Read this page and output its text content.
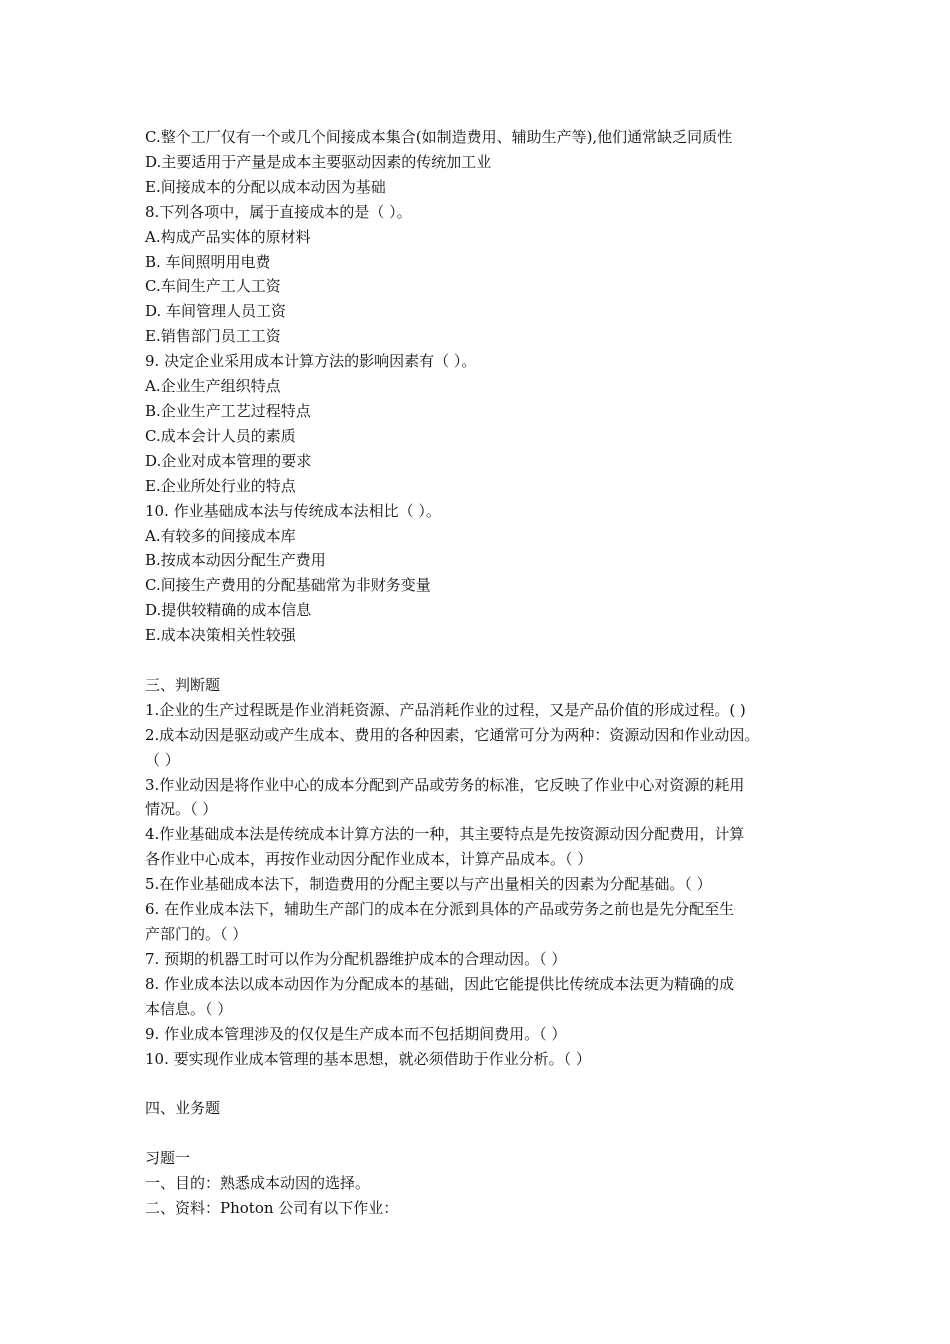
C.整个工厂仅有一个或几个间接成本集合(如制造费用、辅助生产等),他们通常缺乏同质性
D.主要适用于产量是成本主要驱动因素的传统加工业
E.间接成本的分配以成本动因为基础
8.下列各项中，属于直接成本的是（ ）。
A.构成产品实体的原材料
B. 车间照明用电费
C.车间生产工人工资
D. 车间管理人员工资
E.销售部门员工工资
9. 决定企业采用成本计算方法的影响因素有（ ）。
A.企业生产组织特点
B.企业生产工艺过程特点
C.成本会计人员的素质
D.企业对成本管理的要求
E.企业所处行业的特点
10. 作业基础成本法与传统成本法相比（ ）。
A.有较多的间接成本库
B.按成本动因分配生产费用
C.间接生产费用的分配基础常为非财务变量
D.提供较精确的成本信息
E.成本决策相关性较强
三、判断题
1.企业的生产过程既是作业消耗资源、产品消耗作业的过程，又是产品价值的形成过程。( )
2.成本动因是驱动或产生成本、费用的各种因素，它通常可分为两种：资源动因和作业动因。
（ ）
3.作业动因是将作业中心的成本分配到产品或劳务的标准，它反映了作业中心对资源的耗用
情况。（ ）
4.作业基础成本法是传统成本计算方法的一种，其主要特点是先按资源动因分配费用，计算
各作业中心成本，再按作业动因分配作业成本，计算产品成本。（ ）
5.在作业基础成本法下，制造费用的分配主要以与产出量相关的因素为分配基础。（ ）
6. 在作业成本法下，辅助生产部门的成本在分派到具体的产品或劳务之前也是先分配至生
产部门的。（ ）
7. 预期的机器工时可以作为分配机器维护成本的合理动因。（ ）
8. 作业成本法以成本动因作为分配成本的基础，因此它能提供比传统成本法更为精确的成
本信息。（ ）
9. 作业成本管理涉及的仅仅是生产成本而不包括期间费用。（ ）
10. 要实现作业成本管理的基本思想，就必须借助于作业分析。（ ）
四、业务题
习题一
一、目的：熟悉成本动因的选择。
二、资料：Photon 公司有以下作业：
